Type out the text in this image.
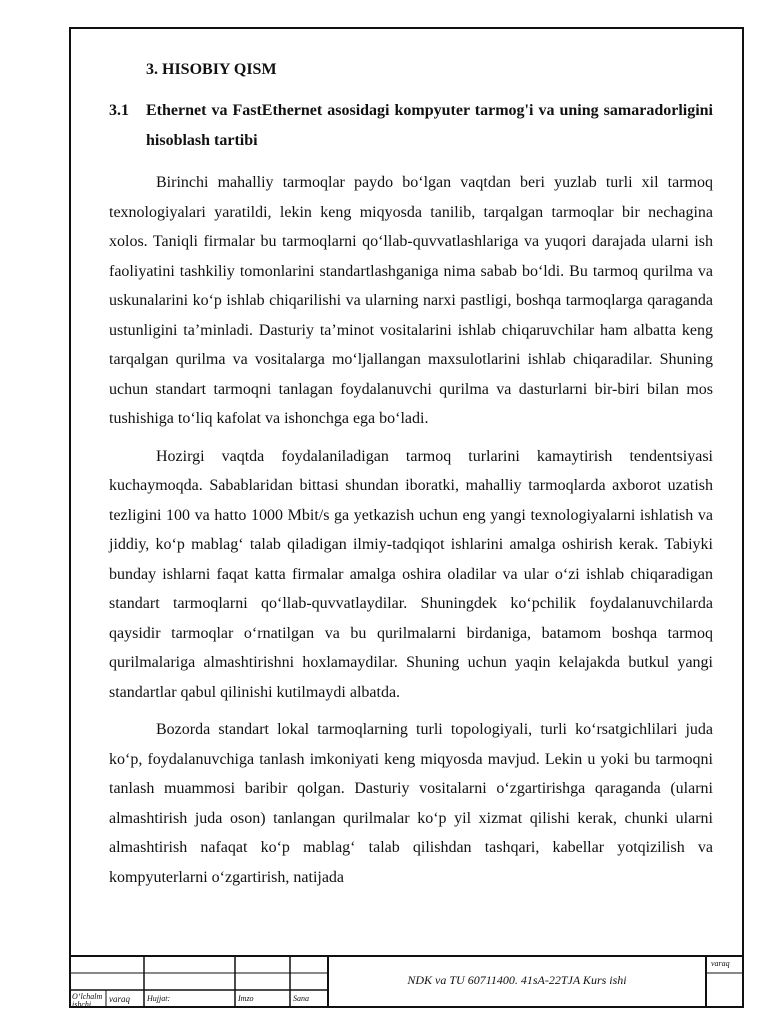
3. HISOBIY QISM
3.1	Ethernet va FastEthernet asosidagi kompyuter tarmog'i va uning samaradorligini hisoblash tartibi

Birinchi mahalliy tarmoqlar paydo bo‘lgan vaqtdan beri yuzlab turli xil tarmoq texnologiyalari yaratildi, lekin keng miqyosda tanilib, tarqalgan tarmoqlar bir nechagina xolos. Taniqli firmalar bu tarmoqlarni qo‘llab-quvvatlashlariga va yuqori darajada ularni ish faoliyatini tashkiliy tomonlarini standartlashganiga nima sabab bo‘ldi. Bu tarmoq qurilma va uskunalarini ko‘p ishlab chiqarilishi va ularning narxi pastligi, boshqa tarmoqlarga qaraganda ustunligini ta’minladi. Dasturiy ta’minot vositalarini ishlab chiqaruvchilar ham albatta keng tarqalgan qurilma va vositalarga mo‘ljallangan maxsulotlarini ishlab chiqaradilar. Shuning uchun standart tarmoqni tanlagan foydalanuvchi qurilma va dasturlarni bir-biri bilan mos tushishiga to‘liq kafolat va ishonchga ega bo‘ladi.

Hozirgi vaqtda foydalaniladigan tarmoq turlarini kamaytirish tendentsiyasi kuchaymoqda. Sabablaridan bittasi shundan iboratki, mahalliy tarmoqlarda axborot uzatish tezligini 100 va hatto 1000 Mbit/s ga yetkazish uchun eng yangi texnologiyalarni ishlatish va jiddiy, ko‘p mablag‘ talab qiladigan ilmiy-tadqiqot ishlarini amalga oshirish kerak. Tabiyki bunday ishlarni faqat katta firmalar amalga oshira oladilar va ular o‘zi ishlab chiqaradigan standart tarmoqlarni qo‘llab-quvvatlaydilar. Shuningdek ko‘pchilik foydalanuvchilarda qaysidir tarmoqlar o‘rnatilgan va bu qurilmalarni birdaniga, batamom boshqa tarmoq qurilmalariga almashtirishni hoxlamaydilar. Shuning uchun yaqin kelajakda butkul yangi standartlar qabul qilinishi kutilmaydi albatda.

Bozorda standart lokal tarmoqlarning turli topologiyali, turli ko‘rsatgichlilari juda ko‘p, foydalanuvchiga tanlash imkoniyati keng miqyosda mavjud. Lekin u yoki bu tarmoqni tanlash muammosi baribir qolgan. Dasturiy vositalarni o‘zgartirishga qaraganda (ularni almashtirish juda oson) tanlangan qurilmalar ko‘p yil xizmat qilishi kerak, chunki ularni almashtirish nafaqat ko‘p mablag‘ talab qilishdan tashqari, kabellar yotqizilish va kompyuterlarni o‘zgartirish, natijada

O‘lchalm ishchi
varaq Hujjat:	Imzo	Sana
NDK va TU 60711400. 41sA-22TJA Kurs ishi
varaq
